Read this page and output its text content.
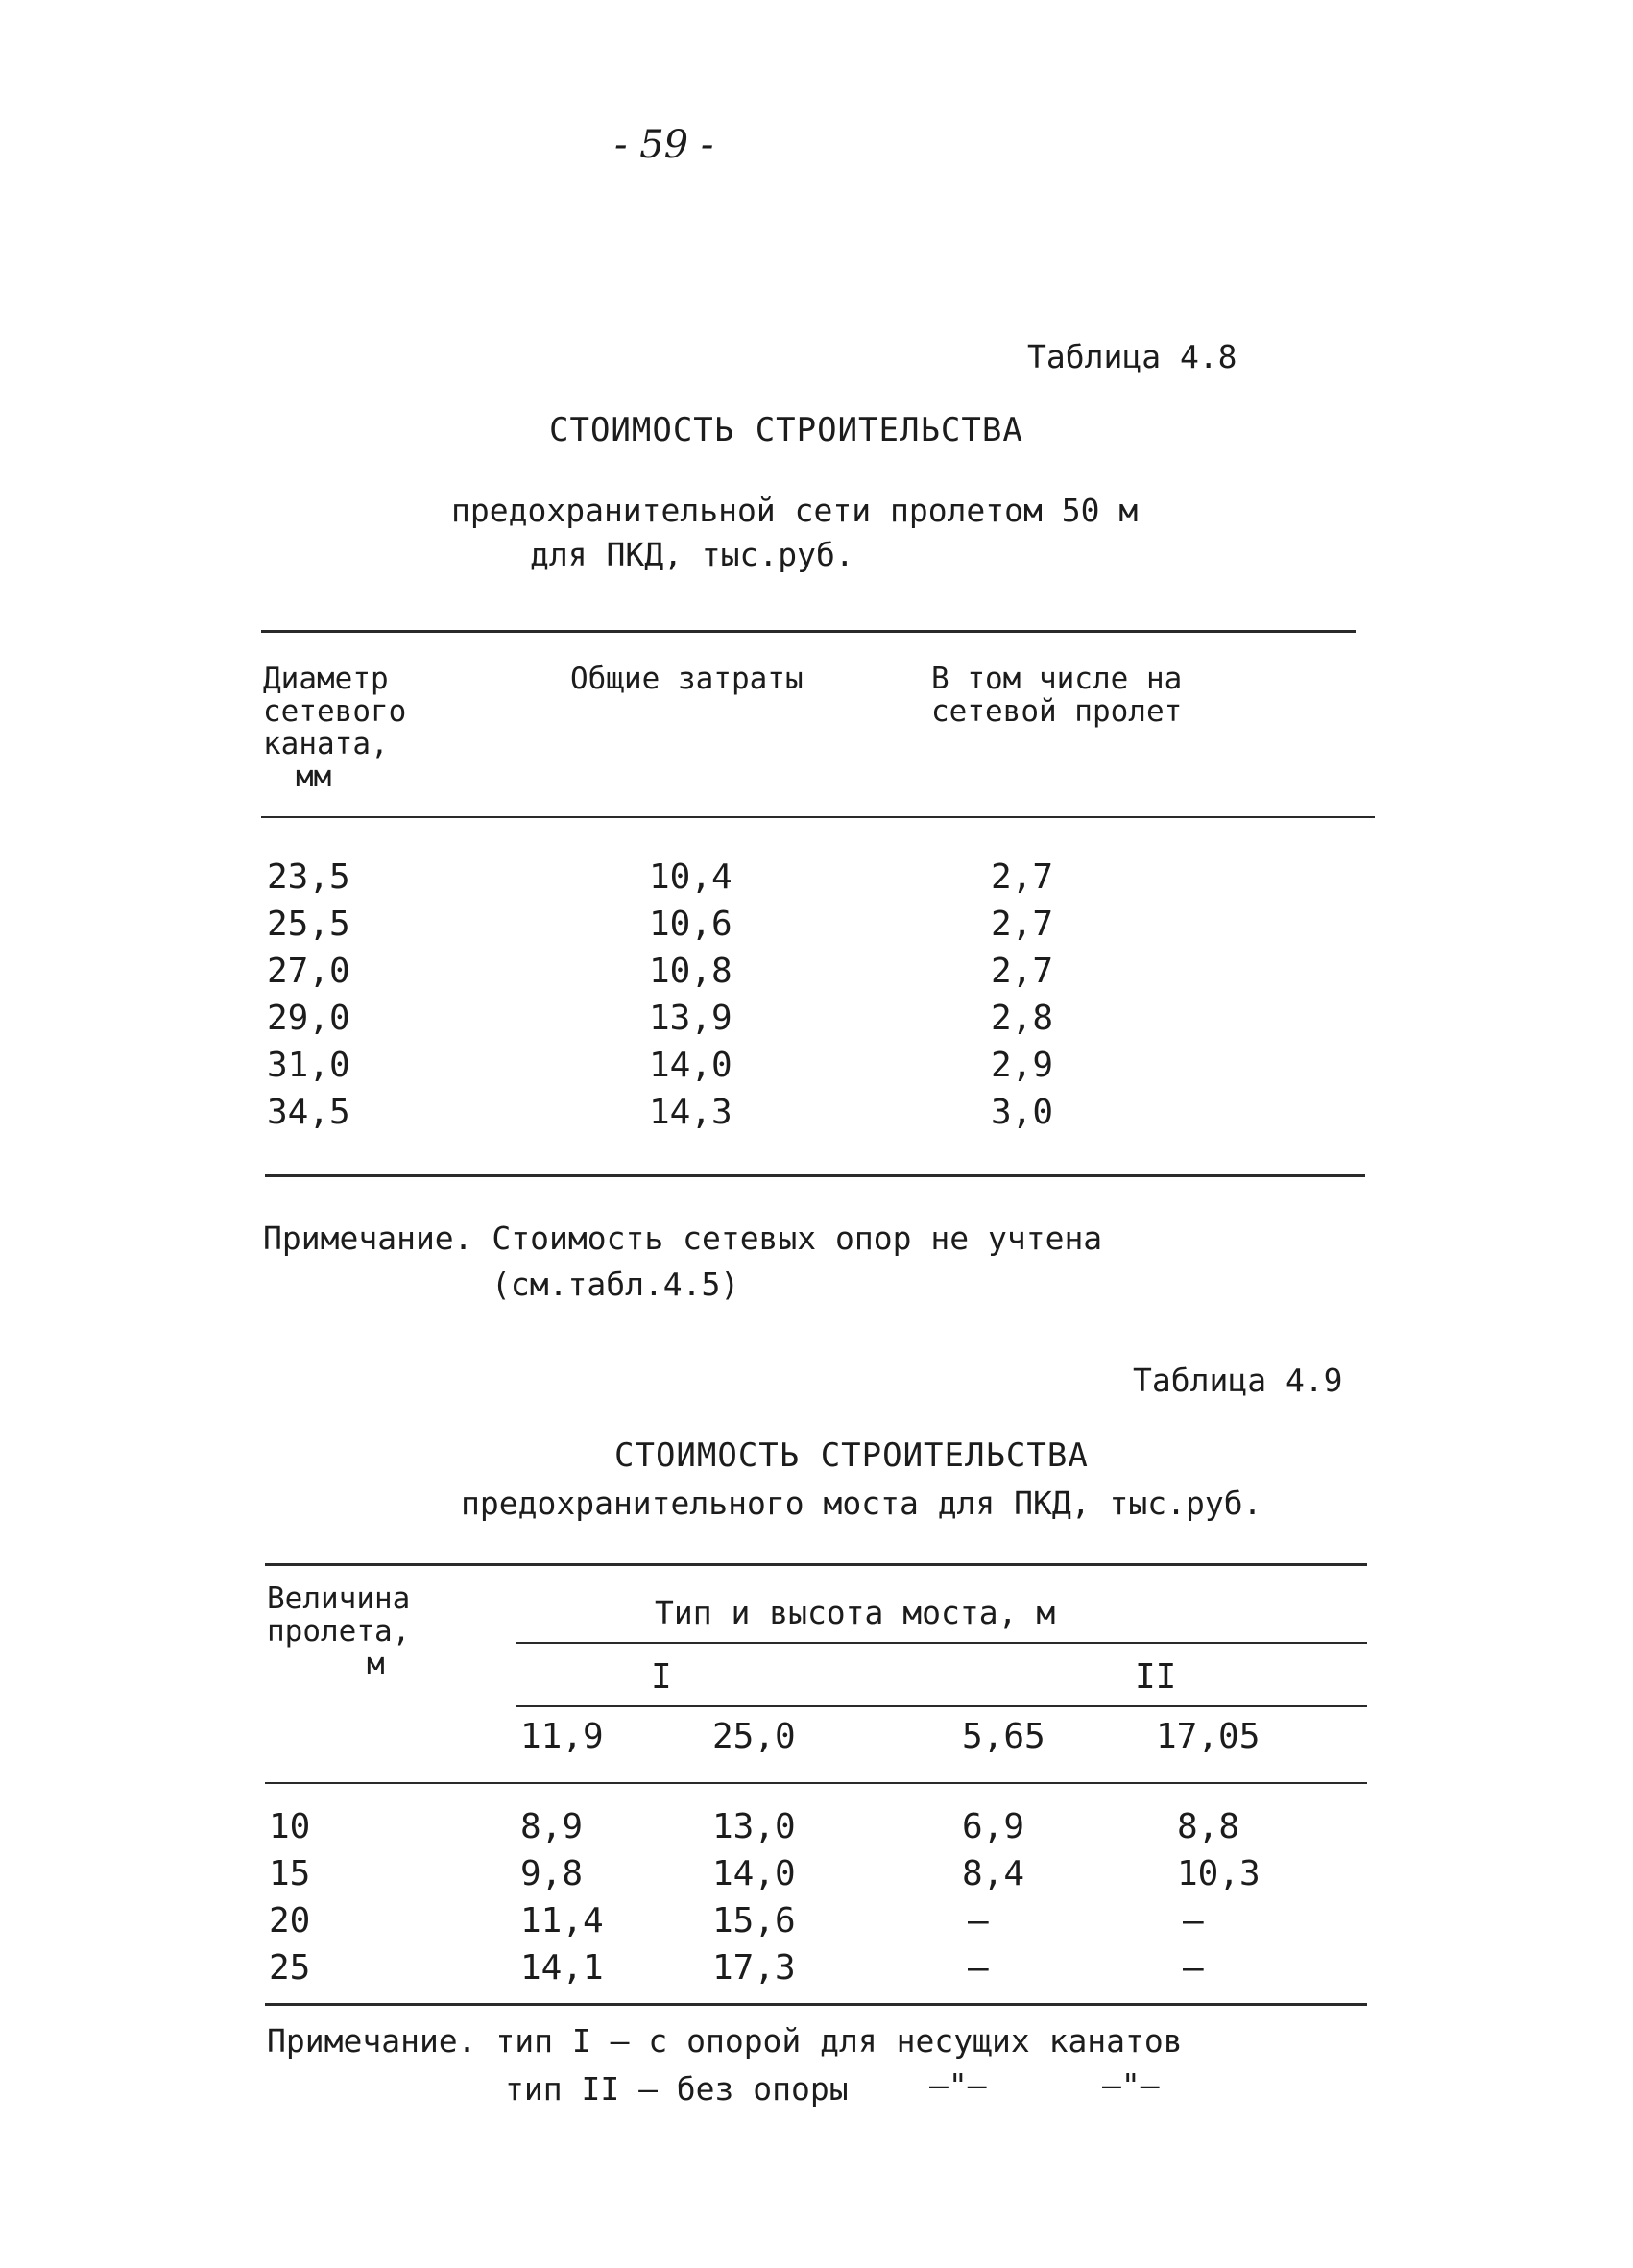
- 59 -
Таблица 4.8
СТОИМОСТЬ СТРОИТЕЛЬСТВА
предохранительной сети пролетом 50 м
для ПКД, тыс.руб.
Диаметр
сетевого
каната,
мм
Общие затраты	В том числе на
сетевой пролет
23,5	10,4	2,7
25,5	10,6	2,7
27,0	10,8	2,7
29,0	13,9	2,8
31,0	14,0	2,9
34,5	14,3	3,0
Примечание. Стоимость сетевых опор не учтена
(см.табл.4.5)
Таблица 4.9
СТОИМОСТЬ СТРОИТЕЛЬСТВА
предохранительного моста для ПКД, тыс.руб.
Величина
пролета,
м
Тип и высота моста, м
I	II
11,9	25,0	5,65	17,05
10	8,9	13,0	6,9	8,8
15	9,8	14,0	8,4	10,3
20	11,4	15,6	–	–
25	14,1	17,3	–	–
Примечание. тип I – с опорой для несущих канатов
тип II – без опоры	–"–	–"–
